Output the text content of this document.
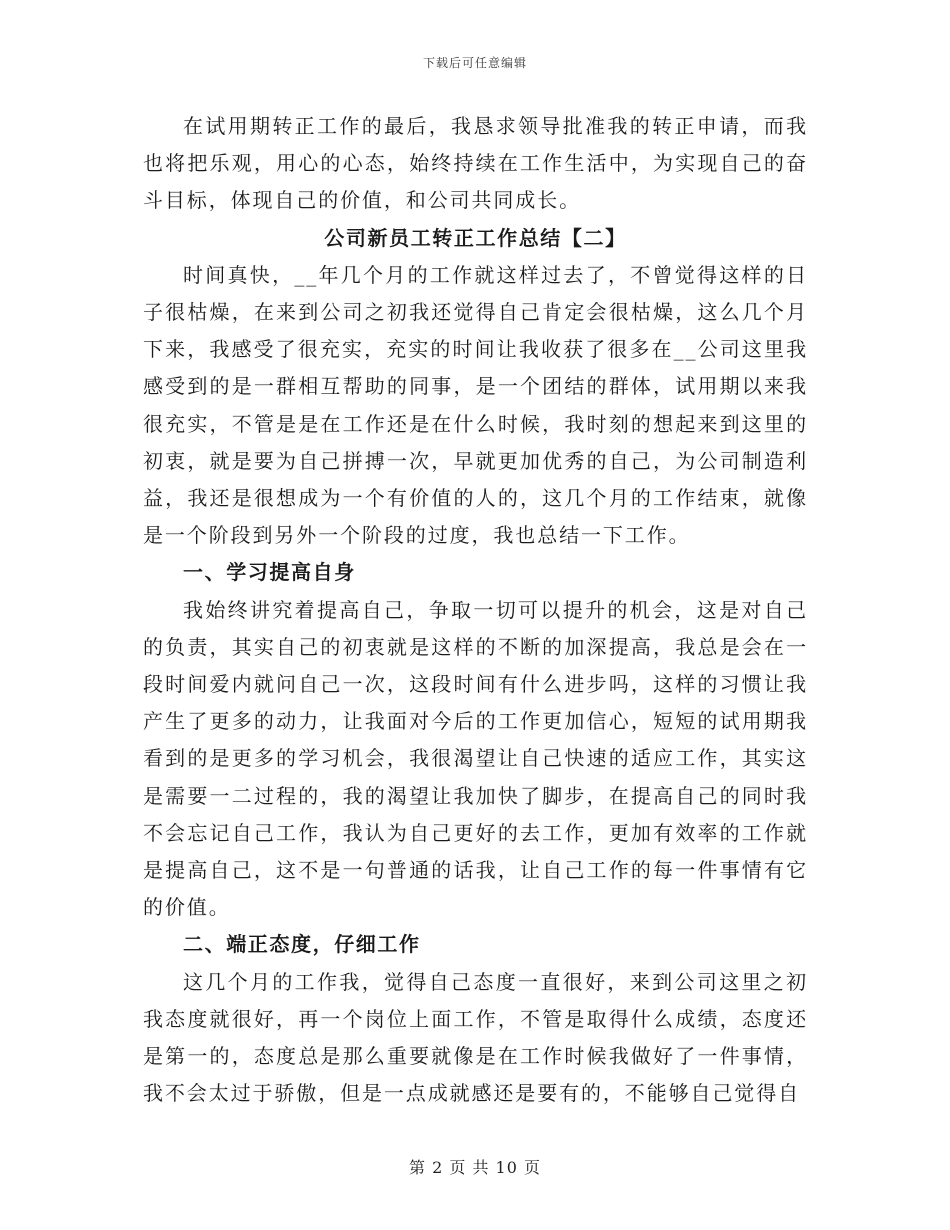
下载后可任意编辑

在试用期转正工作的最后，我恳求领导批准我的转正申请，而我也将把乐观，用心的心态，始终持续在工作生活中，为实现自己的奋斗目标，体现自己的价值，和公司共同成长。

公司新员工转正工作总结【二】

时间真快，__年几个月的工作就这样过去了，不曾觉得这样的日子很枯燥，在来到公司之初我还觉得自己肯定会很枯燥，这么几个月下来，我感受了很充实，充实的时间让我收获了很多在__公司这里我感受到的是一群相互帮助的同事，是一个团结的群体，试用期以来我很充实，不管是是在工作还是在什么时候，我时刻的想起来到这里的初衷，就是要为自己拼搏一次，早就更加优秀的自己，为公司制造利益，我还是很想成为一个有价值的人的，这几个月的工作结束，就像是一个阶段到另外一个阶段的过度，我也总结一下工作。

一、学习提高自身

我始终讲究着提高自己，争取一切可以提升的机会，这是对自己的负责，其实自己的初衷就是这样的不断的加深提高，我总是会在一段时间爱内就问自己一次，这段时间有什么进步吗，这样的习惯让我产生了更多的动力，让我面对今后的工作更加信心，短短的试用期我看到的是更多的学习机会，我很渴望让自己快速的适应工作，其实这是需要一二过程的，我的渴望让我加快了脚步，在提高自己的同时我不会忘记自己工作，我认为自己更好的去工作，更加有效率的工作就是提高自己，这不是一句普通的话我，让自己工作的每一件事情有它的价值。

二、端正态度，仔细工作

这几个月的工作我，觉得自己态度一直很好，来到公司这里之初我态度就很好，再一个岗位上面工作，不管是取得什么成绩，态度还是第一的，态度总是那么重要就像是在工作时候我做好了一件事情，我不会太过于骄傲，但是一点成就感还是要有的，不能够自己觉得自

第 2 页 共 10 页
